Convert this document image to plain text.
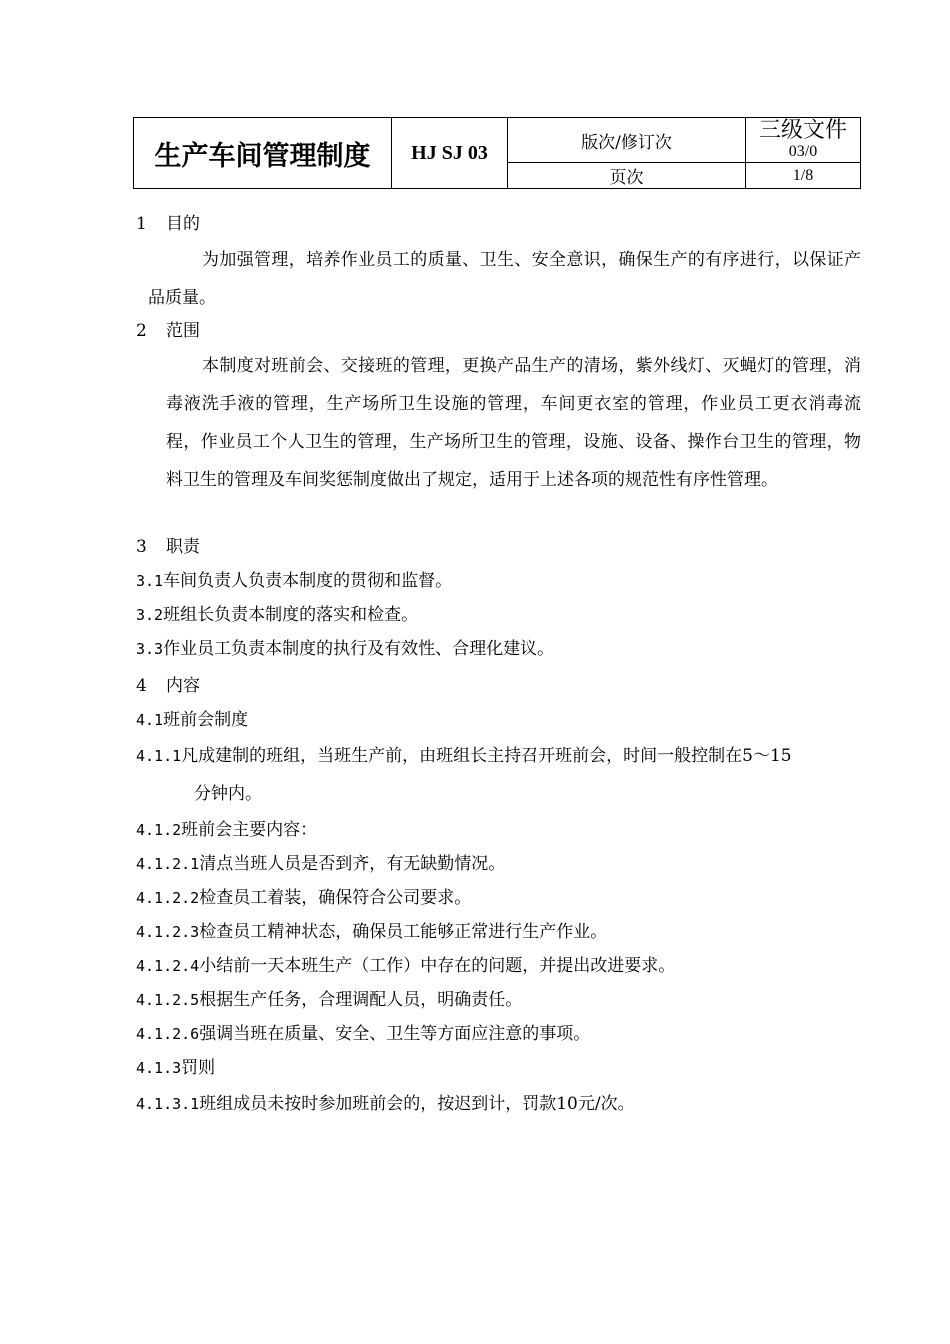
生产车间管理制度	HJ SJ 03	版次/修订次	三级文件
03/0

		页次	1/8
1 目的
为加强管理，培养作业员工的质量、卫生、安全意识，确保生产的有序进行，以保证产品质量。
2 范围
本制度对班前会、交接班的管理，更换产品生产的清场，紫外线灯、灭蝇灯的管理，消毒液洗手液的管理，生产场所卫生设施的管理，车间更衣室的管理，作业员工更衣消毒流程，作业员工个人卫生的管理，生产场所卫生的管理，设施、设备、操作台卫生的管理，物料卫生的管理及车间奖惩制度做出了规定，适用于上述各项的规范性有序性管理。
3 职责
3.1车间负责人负责本制度的贯彻和监督。
3.2班组长负责本制度的落实和检查。
3.3作业员工负责本制度的执行及有效性、合理化建议。
4 内容
4.1班前会制度
4.1.1凡成建制的班组，当班生产前，由班组长主持召开班前会，时间一般控制在5～15
分钟内。
4.1.2班前会主要内容：
4.1.2.1清点当班人员是否到齐，有无缺勤情况。
4.1.2.2检查员工着装，确保符合公司要求。
4.1.2.3检查员工精神状态，确保员工能够正常进行生产作业。
4.1.2.4小结前一天本班生产（工作）中存在的问题，并提出改进要求。
4.1.2.5根据生产任务，合理调配人员，明确责任。
4.1.2.6强调当班在质量、安全、卫生等方面应注意的事项。
4.1.3罚则
4.1.3.1班组成员未按时参加班前会的，按迟到计，罚款10元/次。
